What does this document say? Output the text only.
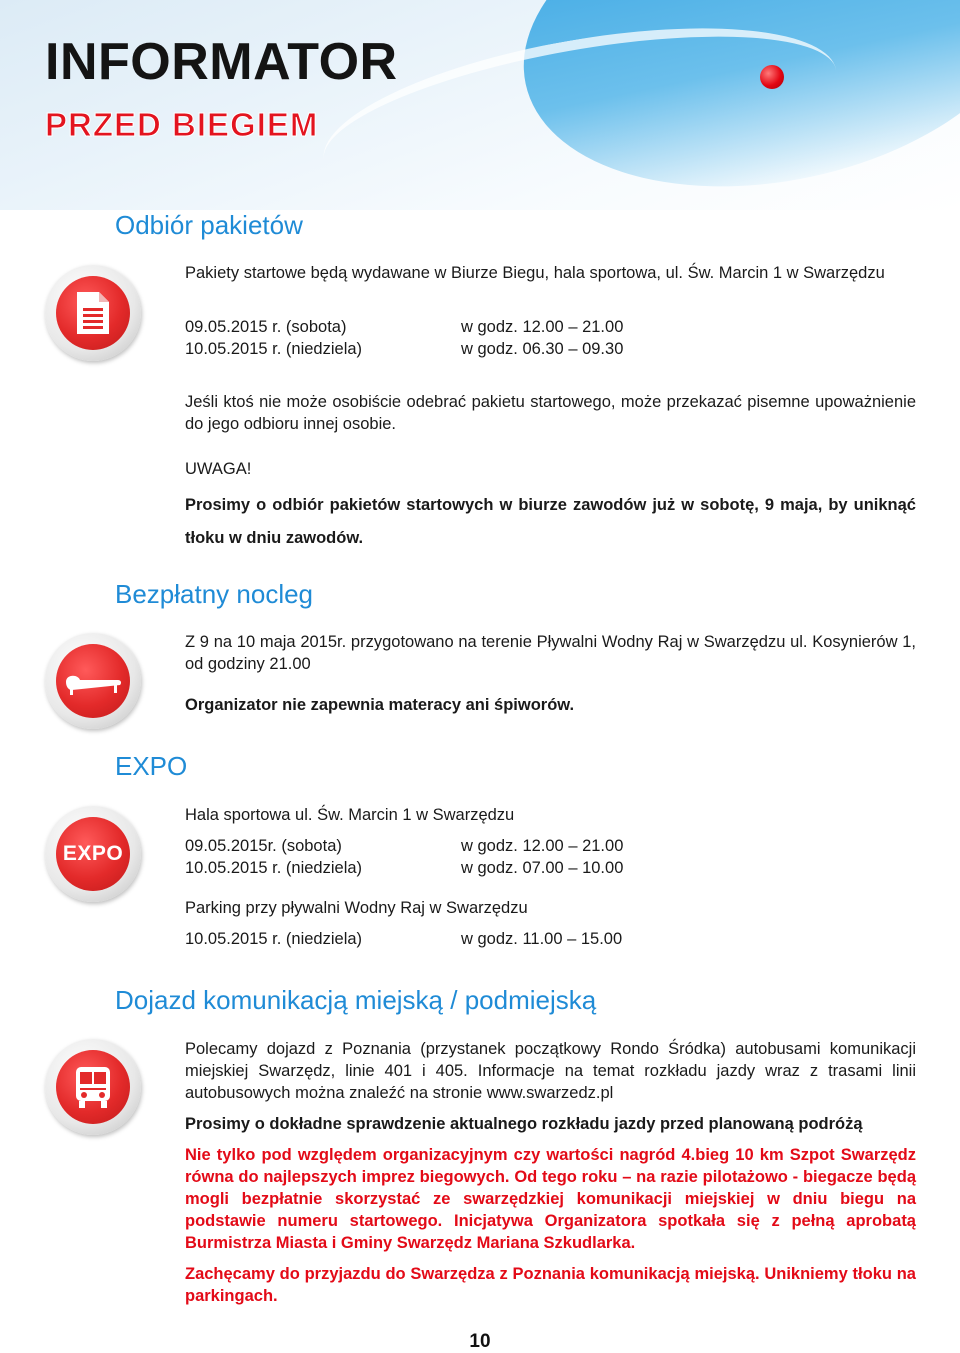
INFORMATOR
PRZED BIEGIEM
Odbiór pakietów

Pakiety startowe będą wydawane w Biurze Biegu, hala sportowa, ul. Św. Marcin 1 w Swarzędzu

09.05.2015 r. (sobota)	w godz. 12.00 – 21.00
10.05.2015 r. (niedziela)	w godz. 06.30 – 09.30

Jeśli ktoś nie może osobiście odebrać pakietu startowego, może przekazać pisemne upoważnienie do jego odbioru innej osobie.

UWAGA!

Prosimy o odbiór pakietów startowych w biurze zawodów już w sobotę, 9 maja, by uniknąć tłoku w dniu zawodów.

Bezpłatny nocleg

Z 9 na 10 maja 2015r. przygotowano na terenie Pływalni Wodny Raj w Swarzędzu ul. Kosynierów 1, od godziny 21.00

Organizator nie zapewnia materacy ani śpiworów.

EXPO
EXPO

Hala sportowa ul. Św. Marcin 1 w Swarzędzu

09.05.2015r. (sobota)	w godz. 12.00 – 21.00
10.05.2015 r. (niedziela)	w godz. 07.00 – 10.00

Parking przy pływalni Wodny Raj w Swarzędzu

10.05.2015 r. (niedziela)	w godz. 11.00 – 15.00
Dojazd komunikacją miejską / podmiejską

Polecamy dojazd z Poznania (przystanek początkowy Rondo Śródka) autobusami komunikacji miejskiej Swarzędz, linie 401 i 405. Informacje na temat rozkładu jazdy wraz z trasami linii autobusowych można znaleźć na stronie www.swarzedz.pl

Prosimy o dokładne sprawdzenie aktualnego rozkładu jazdy przed planowaną podróżą

Nie tylko pod względem organizacyjnym czy wartości nagród 4.bieg 10 km Szpot Swarzędz równa do najlepszych imprez biegowych. Od tego roku – na razie pilotażowo - biegacze będą mogli bezpłatnie skorzystać ze swarzędzkiej komunikacji miejskiej w dniu biegu na podstawie numeru startowego. Inicjatywa Organizatora spotkała się z pełną aprobatą Burmistrza Miasta i Gminy Swarzędz Mariana Szkudlarka.

Zachęcamy do przyjazdu do Swarzędza z Poznania komunikacją miejską. Unikniemy tłoku na parkingach.

10
